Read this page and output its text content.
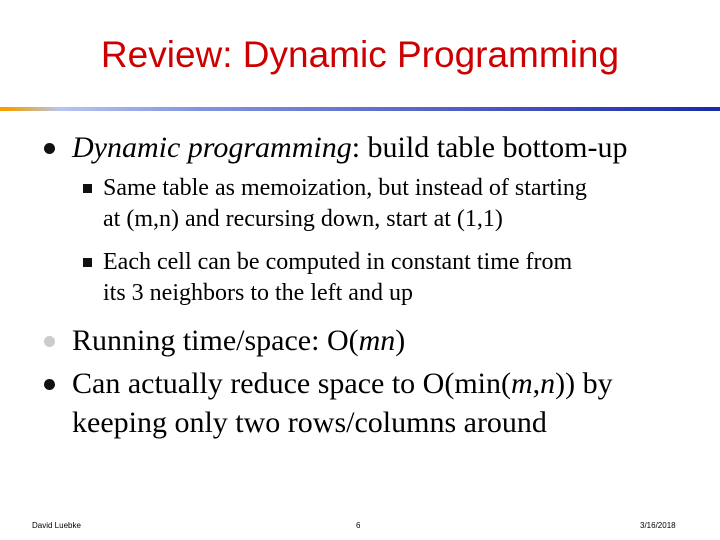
Review: Dynamic Programming
Dynamic programming: build table bottom-up
Same table as memoization, but instead of starting
at (m,n) and recursing down, start at (1,1)
Each cell can be computed in constant time from
its 3 neighbors to the left and up
Running time/space: O(mn)
Can actually reduce space to O(min(m,n)) by
keeping only two rows/columns around
David Luebke	6	3/16/2018
